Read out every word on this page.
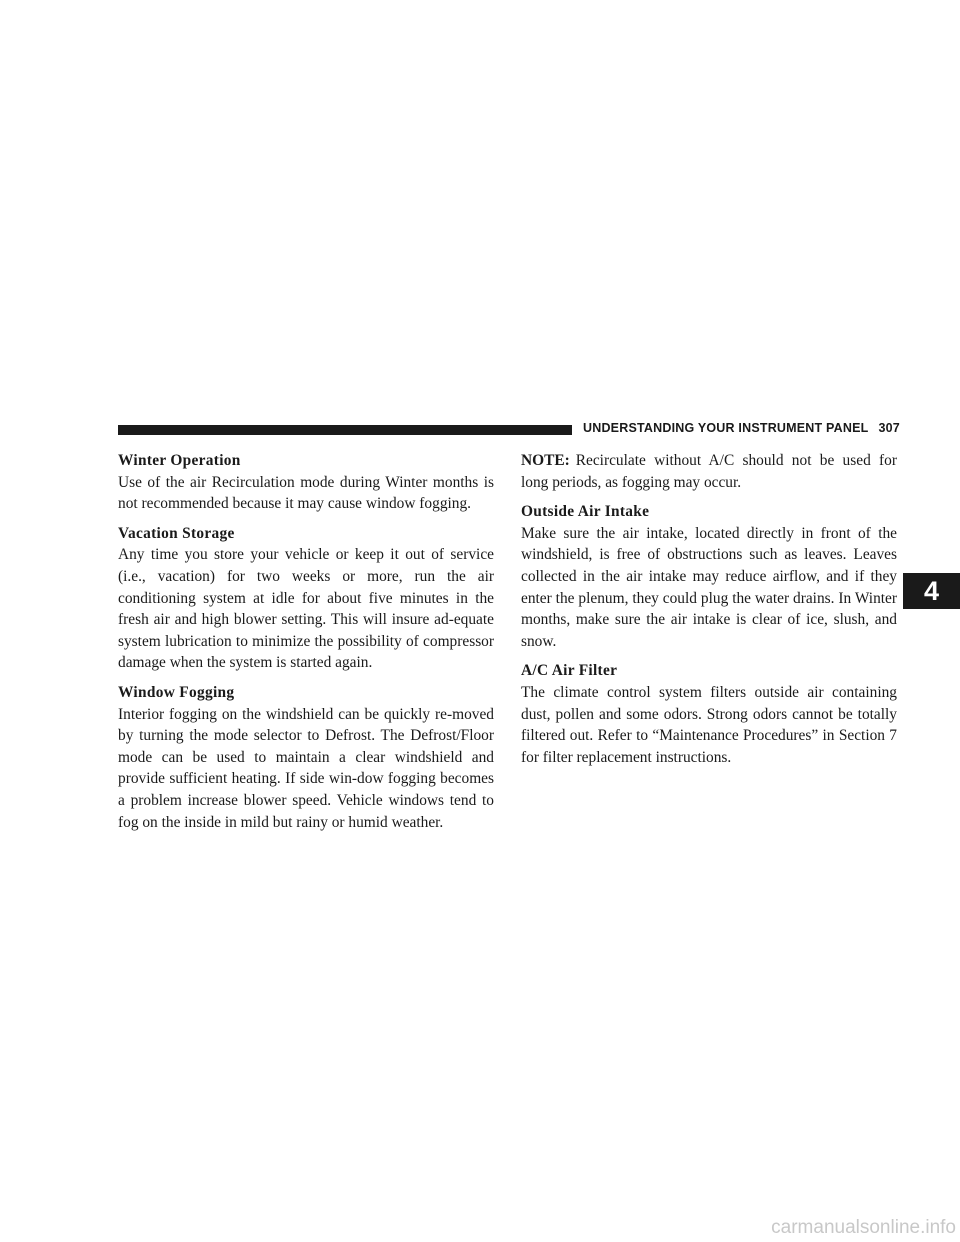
UNDERSTANDING YOUR INSTRUMENT PANEL 307
Winter Operation

Use of the air Recirculation mode during Winter months is not recommended because it may cause window fogging.

Vacation Storage

Any time you store your vehicle or keep it out of service (i.e., vacation) for two weeks or more, run the air conditioning system at idle for about five minutes in the fresh air and high blower setting. This will insure ad-equate system lubrication to minimize the possibility of compressor damage when the system is started again.

Window Fogging

Interior fogging on the windshield can be quickly re-moved by turning the mode selector to Defrost. The Defrost/Floor mode can be used to maintain a clear windshield and provide sufficient heating. If side win-dow fogging becomes a problem increase blower speed. Vehicle windows tend to fog on the inside in mild but rainy or humid weather.

NOTE: Recirculate without A/C should not be used for long periods, as fogging may occur.

Outside Air Intake

Make sure the air intake, located directly in front of the windshield, is free of obstructions such as leaves. Leaves collected in the air intake may reduce airflow, and if they enter the plenum, they could plug the water drains. In Winter months, make sure the air intake is clear of ice, slush, and snow.

A/C Air Filter

The climate control system filters outside air containing dust, pollen and some odors. Strong odors cannot be totally filtered out. Refer to “Maintenance Procedures” in Section 7 for filter replacement instructions.

4
carmanualsonline.info
